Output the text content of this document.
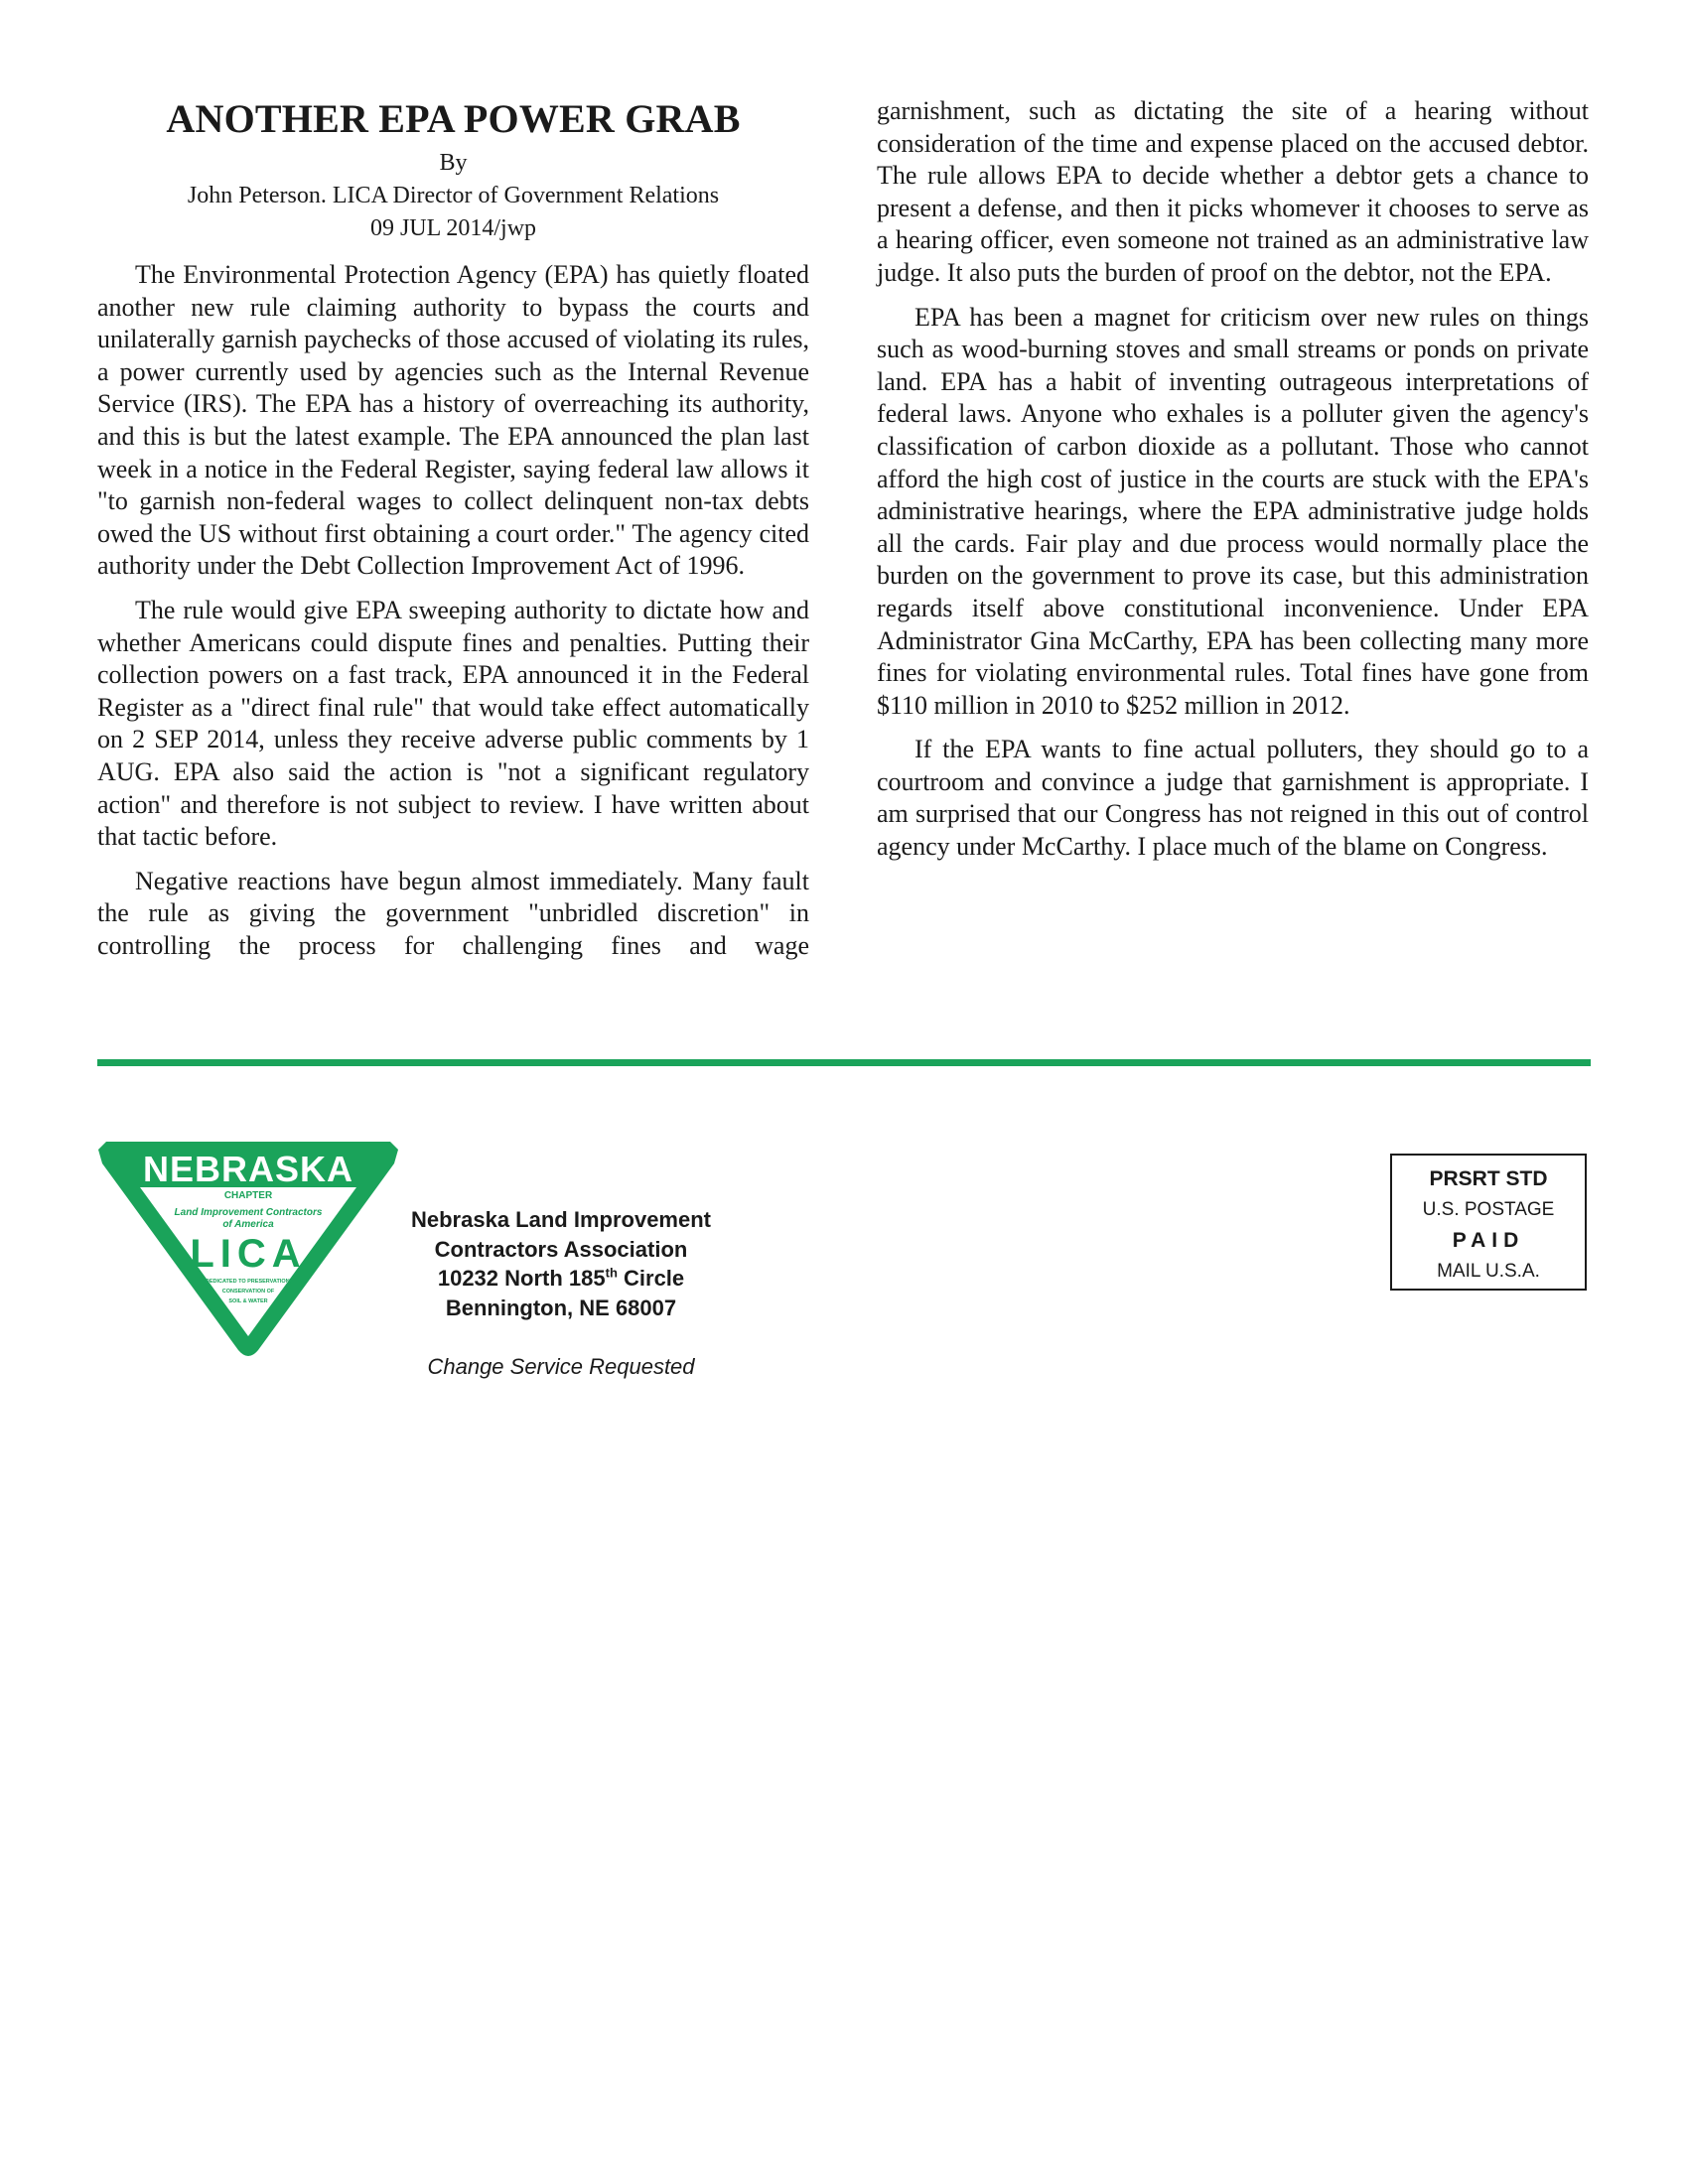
ANOTHER EPA POWER GRAB

By

John Peterson. LICA Director of Government Relations

09 JUL 2014/jwp

The Environmental Protection Agency (EPA) has quietly floated another new rule claiming authority to bypass the courts and unilaterally garnish paychecks of those accused of violating its rules, a power currently used by agencies such as the Internal Revenue Service (IRS). The EPA has a history of overreaching its authority, and this is but the latest example. The EPA announced the plan last week in a notice in the Federal Register, saying federal law allows it "to garnish non-federal wages to collect delinquent non-tax debts owed the US without first obtaining a court order." The agency cited authority under the Debt Collection Improvement Act of 1996.

The rule would give EPA sweeping authority to dictate how and whether Americans could dispute fines and penalties. Putting their collection powers on a fast track, EPA announced it in the Federal Register as a "direct final rule" that would take effect automatically on 2 SEP 2014, unless they receive adverse public comments by 1 AUG. EPA also said the action is "not a significant regulatory action" and therefore is not subject to review. I have written about that tactic before.

Negative reactions have begun almost immediately. Many fault the rule as giving the government "unbridled discretion" in controlling the process for challenging fines and wage

garnishment, such as dictating the site of a hearing without consideration of the time and expense placed on the accused debtor. The rule allows EPA to decide whether a debtor gets a chance to present a defense, and then it picks whomever it chooses to serve as a hearing officer, even someone not trained as an administrative law judge. It also puts the burden of proof on the debtor, not the EPA.

EPA has been a magnet for criticism over new rules on things such as wood-burning stoves and small streams or ponds on private land. EPA has a habit of inventing outrageous interpretations of federal laws. Anyone who exhales is a polluter given the agency's classification of carbon dioxide as a pollutant. Those who cannot afford the high cost of justice in the courts are stuck with the EPA's administrative hearings, where the EPA administrative judge holds all the cards. Fair play and due process would normally place the burden on the government to prove its case, but this administration regards itself above constitutional inconvenience. Under EPA Administrator Gina McCarthy, EPA has been collecting many more fines for violating environmental rules. Total fines have gone from $110 million in 2010 to $252 million in 2012.

If the EPA wants to fine actual polluters, they should go to a courtroom and convince a judge that garnishment is appropriate. I am surprised that our Congress has not reigned in this out of control agency under McCarthy. I place much of the blame on Congress.

NEBRASKA
CHAPTER
Land Improvement Contractors
of America
LICA
DEDICATED TO PRESERVATION,
CONSERVATION OF
SOIL & WATER
Nebraska Land Improvement
Contractors Association
10232 North 185th Circle
Bennington, NE 68007
Change Service Requested
PRSRT STD
U.S. POSTAGE
PAID
MAIL U.S.A.
